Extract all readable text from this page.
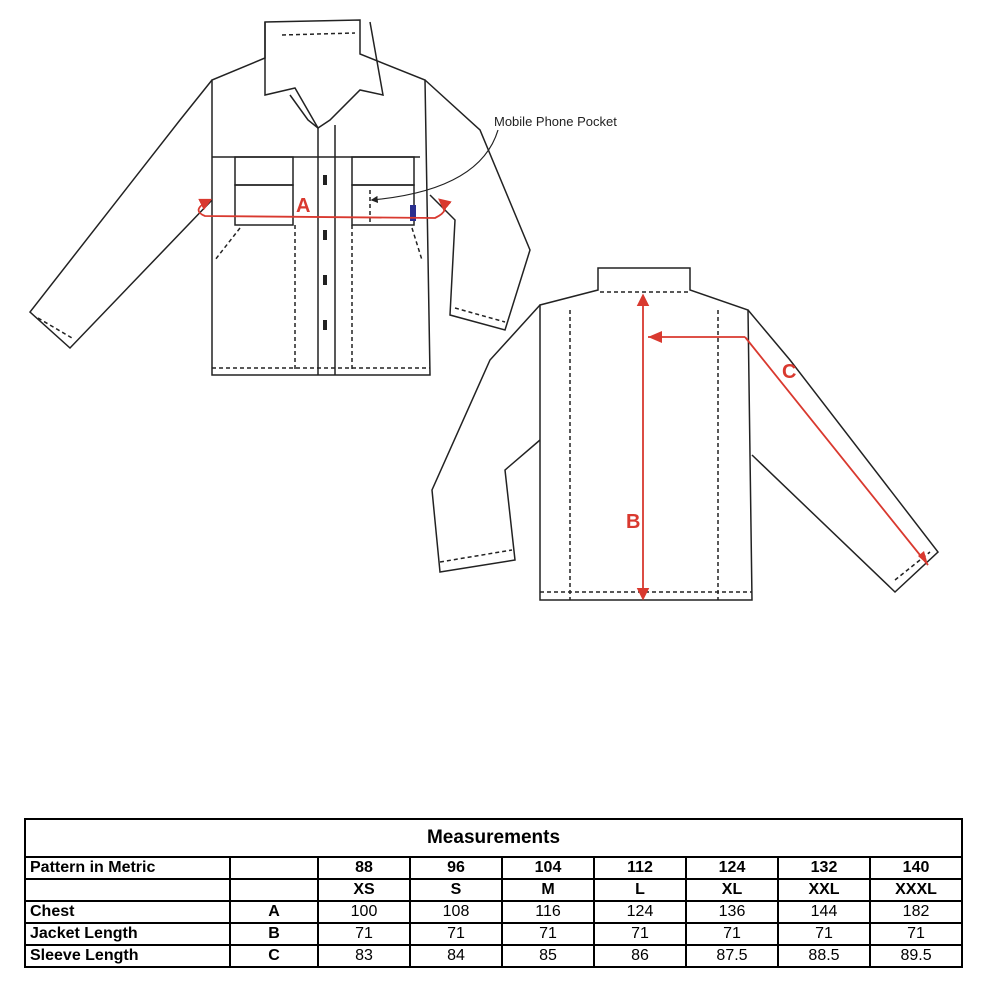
A
Mobile Phone Pocket
B
C
Measurements								
Pattern in Metric		88	96	104	112	124	132	140
		XS	S	M	L	XL	XXL	XXXL
Chest	A	100	108	116	124	136	144	182
Jacket Length	B	71	71	71	71	71	71	71
Sleeve Length	C	83	84	85	86	87.5	88.5	89.5
